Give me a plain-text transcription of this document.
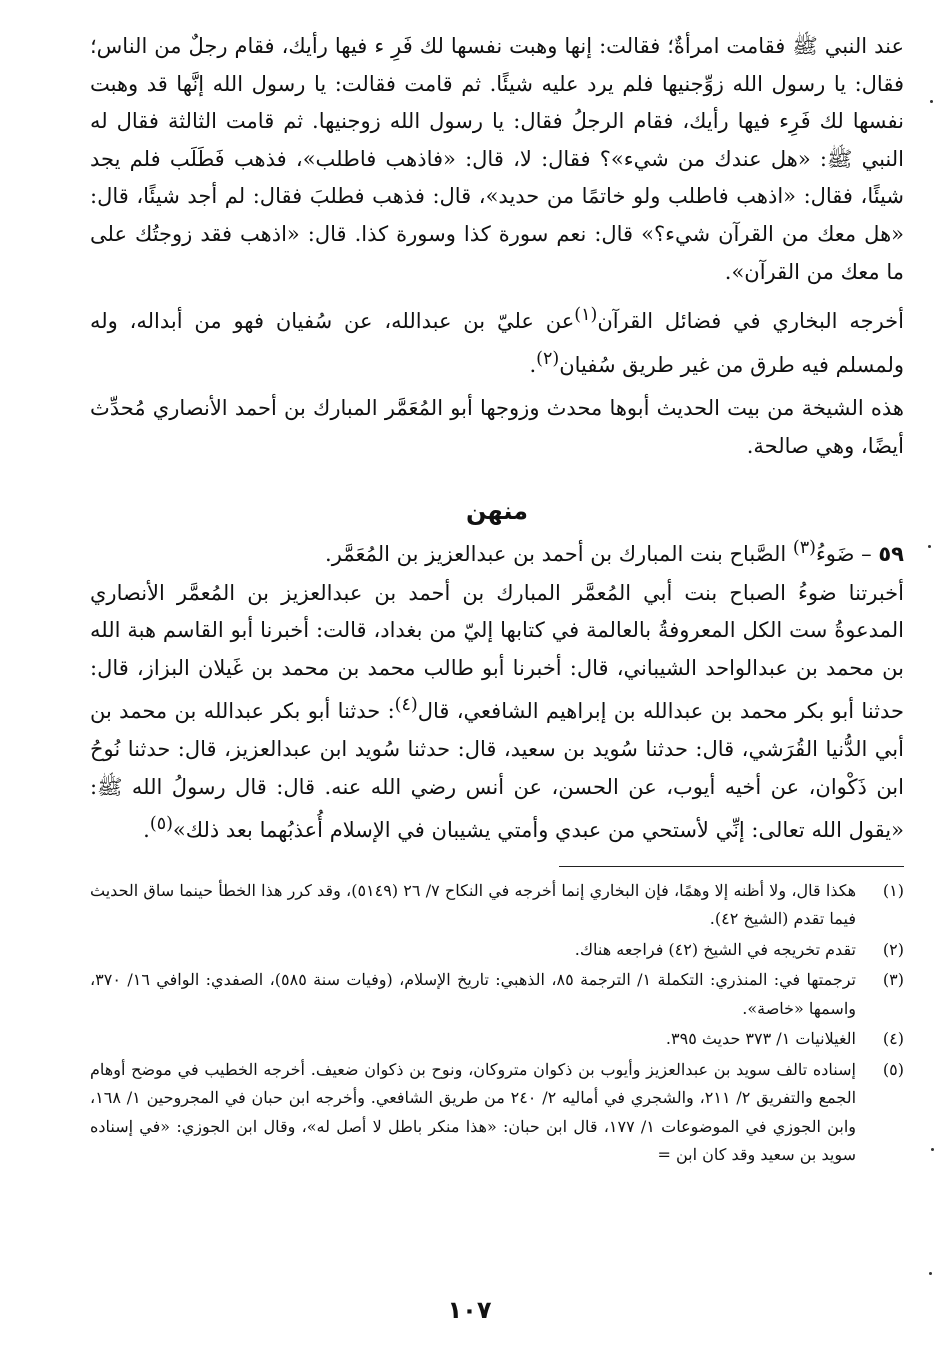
عند النبي ﷺ فقامت امرأةٌ؛ فقالت: إنها وهبت نفسها لك فَرِ ء فيها رأيك، فقام رجلٌ من الناس؛ فقال: يا رسول الله زوِّجنيها فلم يرد عليه شيئًا. ثم قامت فقالت: يا رسول الله إنَّها قد وهبت نفسها لك فَرِء فيها رأيك، فقام الرجلُ فقال: يا رسول الله زوجنيها. ثم قامت الثالثة فقال له النبي ﷺ: «هل عندك من شيء»؟ فقال: لا، قال: «فاذهب فاطلب»، فذهب فَطَلَب فلم يجد شيئًا، فقال: «اذهب فاطلب ولو خاتمًا من حديد»، قال: فذهب فطلبَ فقال: لم أجد شيئًا، قال: «هل معك من القرآن شيء؟» قال: نعم سورة كذا وسورة كذا. قال: «اذهب فقد زوجتُك على ما معك من القرآن».

أخرجه البخاري في فضائل القرآن$^{(١)}$عن عليّ بن عبدالله، عن سُفيان فهو من أبداله، وله ولمسلم فيه طرق من غير طريق سُفيان$^{(٢)}$.

هذه الشيخة من بيت الحديث أبوها محدث وزوجها أبو المُعَمَّر المبارك بن أحمد الأنصاري مُحدِّث أيضًا، وهي صالحة.

منهن

٥٩ – ضَوءُ$^{(٣)}$ الصَّباح بنت المبارك بن أحمد بن عبدالعزيز بن المُعَمَّر.

أخبرتنا ضوءُ الصباح بنت أبي المُعمَّر المبارك بن أحمد بن عبدالعزيز بن المُعمَّر الأنصاري المدعوةُ ست الكل المعروفةُ بالعالمة في كتابها إليّ من بغداد، قالت: أخبرنا أبو القاسم هبة الله بن محمد بن عبدالواحد الشيباني، قال: أخبرنا أبو طالب محمد بن محمد بن غَيلان البزاز، قال: حدثنا أبو بكر محمد بن عبدالله بن إبراهيم الشافعي، قال$^{(٤)}$: حدثنا أبو بكر عبدالله بن محمد بن أبي الدُّنيا القُرَشي، قال: حدثنا سُويد بن سعيد، قال: حدثنا سُويد ابن عبدالعزيز، قال: حدثنا نُوحُ ابن ذَكْوان، عن أخيه أيوب، عن الحسن، عن أنس رضي الله عنه. قال: قال رسولُ الله ﷺ: «يقول الله تعالى: إنِّي لأستحي من عبدي وأمتي يشيبان في الإسلام أُعذبُهما بعد ذلك»$^{(٥)}$.

(١)
هكذا قال، ولا أظنه إلا وهمًا، فإن البخاري إنما أخرجه في النكاح ٧/ ٢٦ (٥١٤٩)، وقد كرر هذا الخطأ حينما ساق الحديث فيما تقدم (الشيخ ٤٢).
(٢)
تقدم تخريجه في الشيخ (٤٢) فراجعه هناك.
(٣)
ترجمتها في: المنذري: التكملة ١/ الترجمة ٨٥، الذهبي: تاريخ الإسلام، (وفيات سنة ٥٨٥)، الصفدي: الوافي ١٦/ ٣٧٠، واسمها «خاصة».
(٤)
الغيلانيات ١/ ٣٧٣ حديث ٣٩٥.
(٥)
إسناده تالف سويد بن عبدالعزيز وأيوب بن ذكوان متروكان، ونوح بن ذكوان ضعيف. أخرجه الخطيب في موضح أوهام الجمع والتفريق ٢/ ٢١١، والشجري في أماليه ٢/ ٢٤٠ من طريق الشافعي. وأخرجه ابن حبان في المجروحين ١/ ١٦٨، وابن الجوزي في الموضوعات ١/ ١٧٧، قال ابن حبان: «هذا منكر باطل لا أصل له»، وقال ابن الجوزي: «في إسناده سويد بن سعيد وقد كان ابن =
١٠٧
